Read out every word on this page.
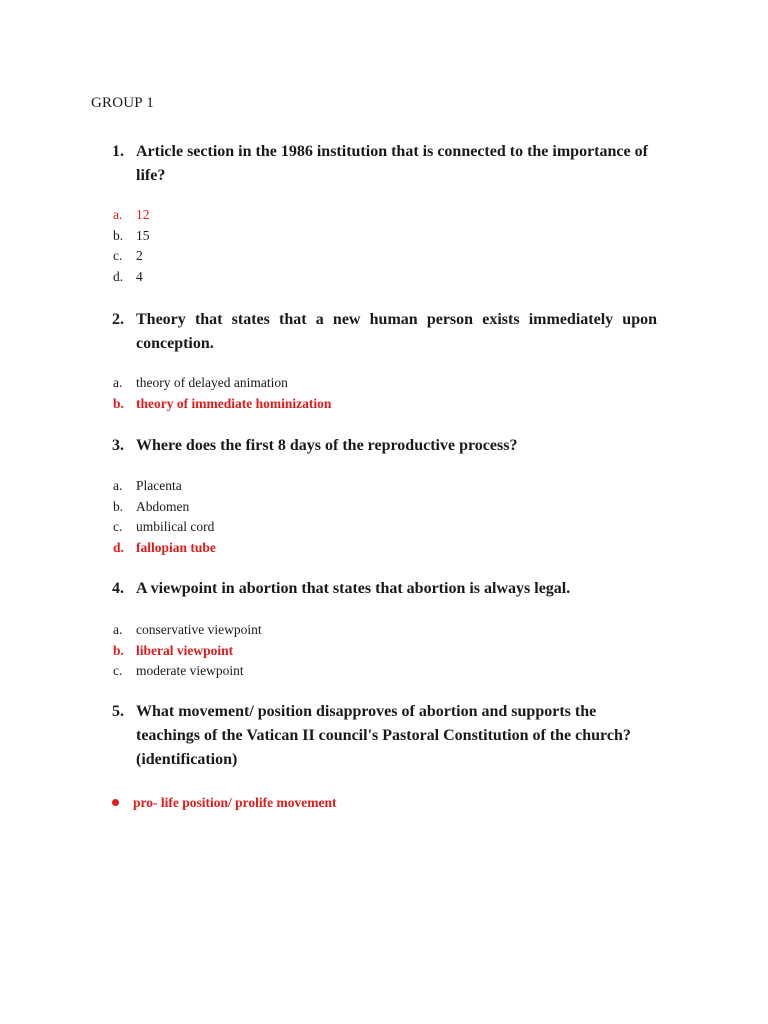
GROUP 1
1. Article section in the 1986 institution that is connected to the importance of life?
a. 12
b. 15
c. 2
d. 4
2. Theory that states that a new human person exists immediately upon conception.
a. theory of delayed animation
b. theory of immediate hominization
3. Where does the first 8 days of the reproductive process?
a. Placenta
b. Abdomen
c. umbilical cord
d. fallopian tube
4. A viewpoint in abortion that states that abortion is always legal.
a. conservative viewpoint
b. liberal viewpoint
c. moderate viewpoint
5. What movement/ position disapproves of abortion and supports the teachings of the Vatican II council's Pastoral Constitution of the church? (identification)
pro- life position/ prolife movement
